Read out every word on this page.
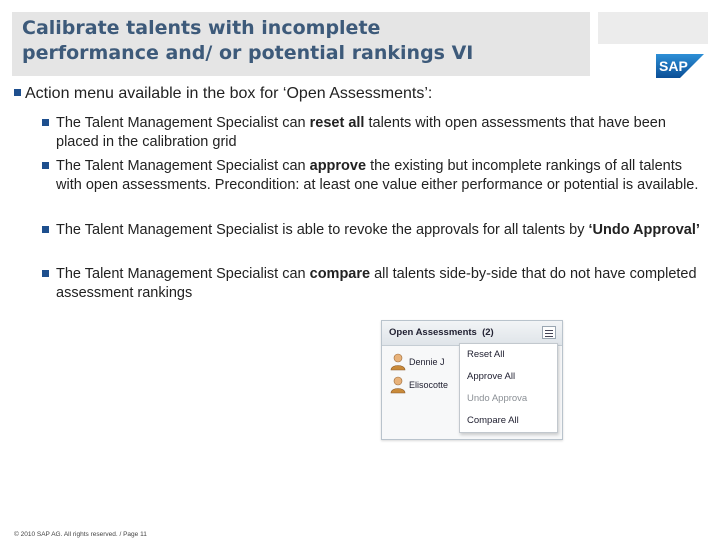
Calibrate talents with incomplete
performance and/ or potential rankings VI
SAP
Action menu available in the box for ‘Open Assessments’:
The Talent Management Specialist can reset all talents with open assessments that have been placed in the calibration grid
The Talent Management Specialist can approve the existing but incomplete rankings of all talents with open assessments. Precondition: at least one value either performance or potential is available.
The Talent Management Specialist is able to revoke the approvals for all talents by ‘Undo Approval’
The Talent Management Specialist can compare all talents side-by-side that do not have completed assessment rankings
Open Assessments (2)
Dennie J
Elisocotte
Reset All
Approve All
Undo Approva
Compare All
© 2010 SAP AG. All rights reserved. / Page 11
